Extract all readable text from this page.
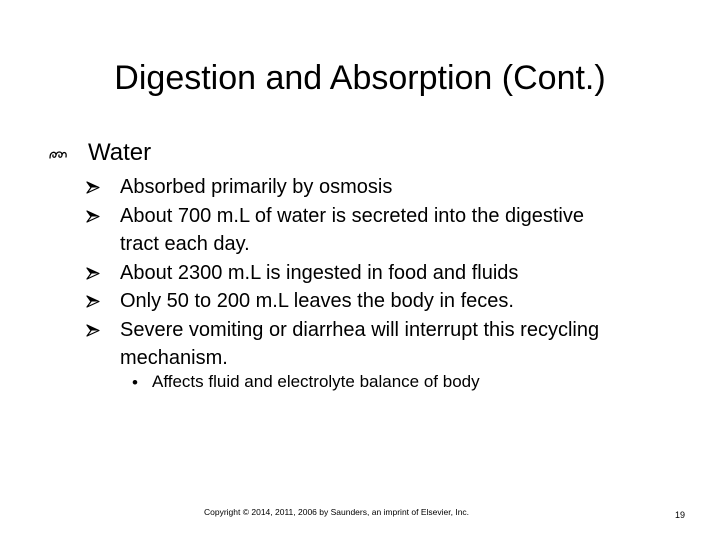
Digestion and Absorption (Cont.)
Water
Absorbed primarily by osmosis
About 700 m.L of water is secreted into the digestive tract each day.
About 2300 m.L is ingested in food and fluids
Only 50 to 200 m.L leaves the body in feces.
Severe vomiting or diarrhea will interrupt this recycling mechanism.
• Affects fluid and electrolyte balance of body
Copyright © 2014, 2011, 2006 by Saunders, an imprint of Elsevier, Inc.	19
